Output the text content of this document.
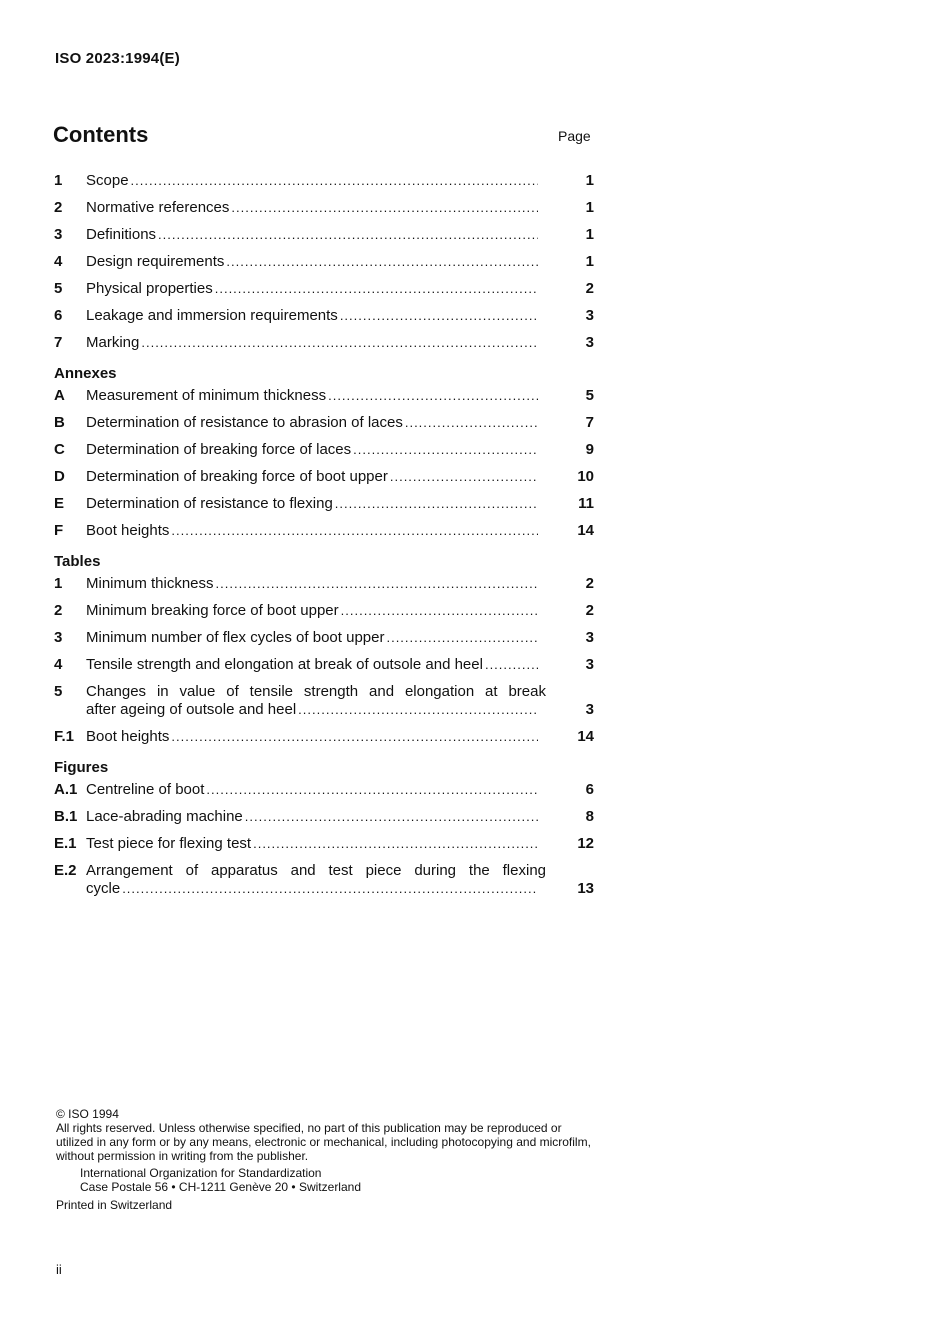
ISO 2023:1994(E)
Contents	Page
1	Scope .....	1
2	Normative references .....	1
3	Definitions .....	1
4	Design requirements .....	1
5	Physical properties .....	2
6	Leakage and immersion requirements .....	3
7	Marking .....	3
Annexes
A	Measurement of minimum thickness .....	5
B	Determination of resistance to abrasion of laces .....	7
C	Determination of breaking force of laces .....	9
D	Determination of breaking force of boot upper .....	10
E	Determination of resistance to flexing .....	11
F	Boot heights .....	14
Tables
1	Minimum thickness .....	2
2	Minimum breaking force of boot upper .....	2
3	Minimum number of flex cycles of boot upper .....	3
4	Tensile strength and elongation at break of outsole and heel .....	3
5	Changes in value of tensile strength and elongation at break
after ageing of outsole and heel .....	3
F.1 Boot heights .....	14
Figures
A.1 Centreline of boot .....	6
B.1 Lace-abrading machine .....	8
E.1 Test piece for flexing test .....	12
E.2 Arrangement of apparatus and test piece during the flexing
cycle .....	13

© ISO 1994

All rights reserved. Unless otherwise specified, no part of this publication may be reproduced or utilized in any form or by any means, electronic or mechanical, including photocopying and microfilm, without permission in writing from the publisher.

International Organization for Standardization

Case Postale 56 • CH-1211 Genève 20 • Switzerland

Printed in Switzerland

ii
